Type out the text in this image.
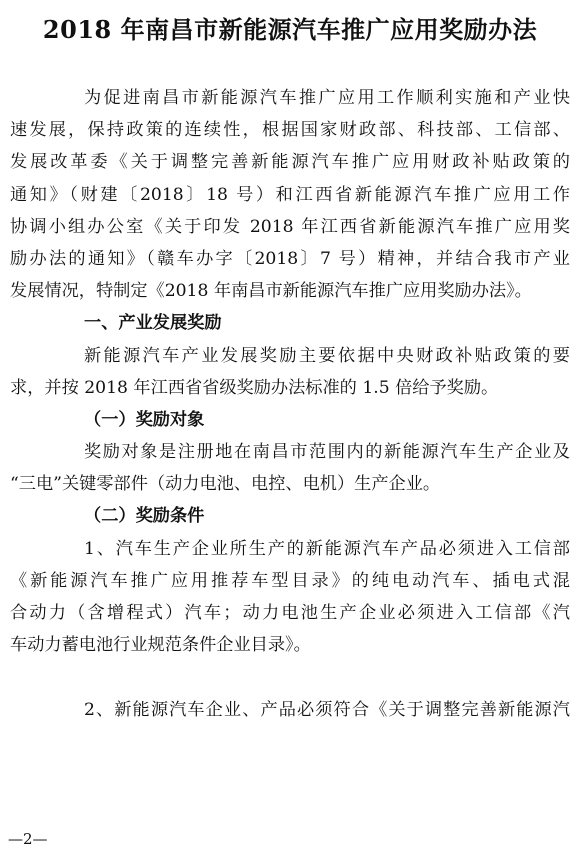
2018 年南昌市新能源汽车推广应用奖励办法
为促进南昌市新能源汽车推广应用工作顺利实施和产业快
速发展，保持政策的连续性，根据国家财政部、科技部、工信部、
发展改革委《关于调整完善新能源汽车推广应用财政补贴政策的
通知》（财建〔2018〕18 号）和江西省新能源汽车推广应用工作
协调小组办公室《关于印发 2018 年江西省新能源汽车推广应用奖
励办法的通知》（赣车办字〔2018〕7 号）精神，并结合我市产业
发展情况，特制定《2018 年南昌市新能源汽车推广应用奖励办法》。
一、产业发展奖励
新能源汽车产业发展奖励主要依据中央财政补贴政策的要
求，并按 2018 年江西省省级奖励办法标准的 1.5 倍给予奖励。
（一）奖励对象
奖励对象是注册地在南昌市范围内的新能源汽车生产企业及
“三电”关键零部件（动力电池、电控、电机）生产企业。
（二）奖励条件
1、汽车生产企业所生产的新能源汽车产品必须进入工信部
《新能源汽车推广应用推荐车型目录》的纯电动汽车、插电式混
合动力（含增程式）汽车；动力电池生产企业必须进入工信部《汽
车动力蓄电池行业规范条件企业目录》。
2、新能源汽车企业、产品必须符合《关于调整完善新能源汽
—2—
